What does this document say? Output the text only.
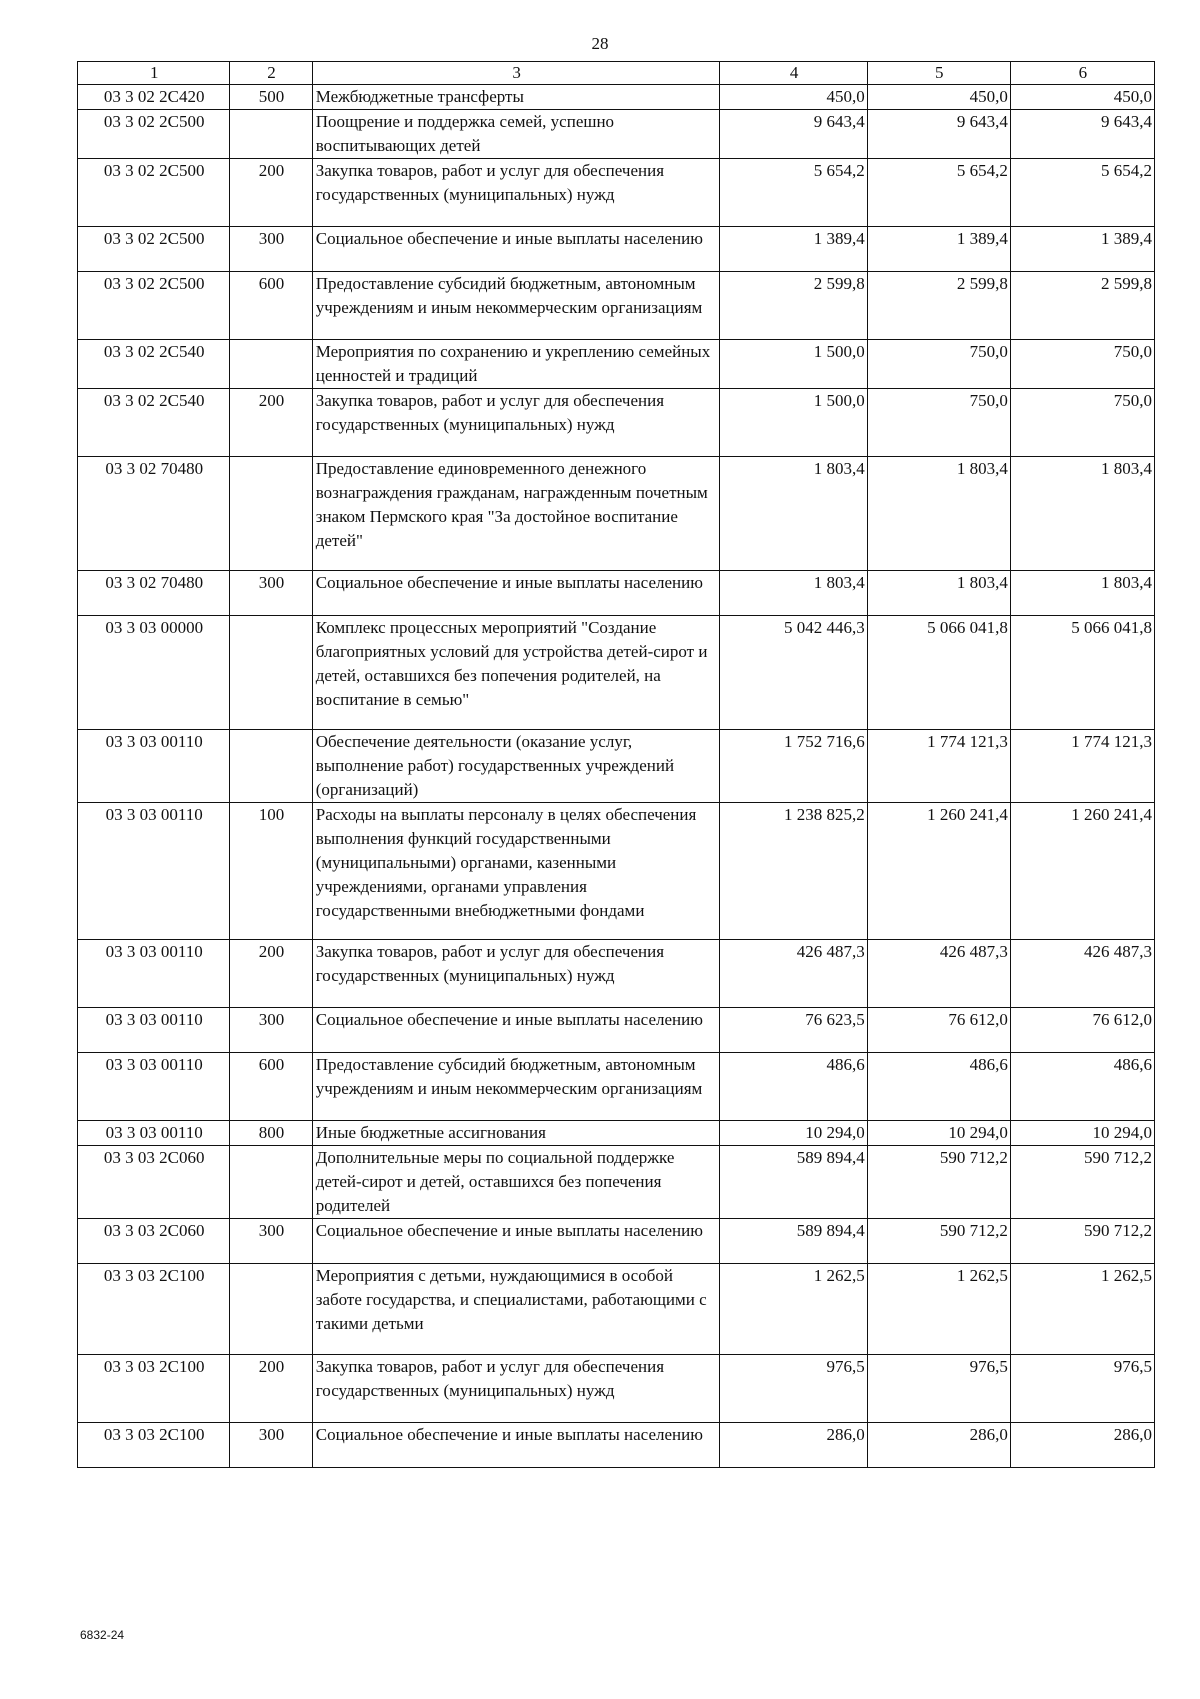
28
1	2	3	4	5	6
03 3 02 2С420	500	Межбюджетные трансферты	450,0	450,0	450,0
03 3 02 2С500		Поощрение и поддержка семей, успешно воспитывающих детей	9 643,4	9 643,4	9 643,4
03 3 02 2С500	200	Закупка товаров, работ и услуг для обеспечения государственных (муниципальных) нужд	5 654,2	5 654,2	5 654,2
03 3 02 2С500	300	Социальное обеспечение и иные выплаты населению	1 389,4	1 389,4	1 389,4
03 3 02 2С500	600	Предоставление субсидий бюджетным, автономным учреждениям и иным некоммерческим организациям	2 599,8	2 599,8	2 599,8
03 3 02 2С540		Мероприятия по сохранению и укреплению семейных ценностей и традиций	1 500,0	750,0	750,0
03 3 02 2С540	200	Закупка товаров, работ и услуг для обеспечения государственных (муниципальных) нужд	1 500,0	750,0	750,0
03 3 02 70480		Предоставление единовременного денежного вознаграждения гражданам, награжденным почетным знаком Пермского края "За достойное воспитание детей"	1 803,4	1 803,4	1 803,4
03 3 02 70480	300	Социальное обеспечение и иные выплаты населению	1 803,4	1 803,4	1 803,4
03 3 03 00000		Комплекс процессных мероприятий "Создание благоприятных условий для устройства детей-сирот и детей, оставшихся без попечения родителей, на воспитание в семью"	5 042 446,3	5 066 041,8	5 066 041,8
03 3 03 00110		Обеспечение деятельности (оказание услуг, выполнение работ) государственных учреждений (организаций)	1 752 716,6	1 774 121,3	1 774 121,3
03 3 03 00110	100	Расходы на выплаты персоналу в целях обеспечения выполнения функций государственными (муниципальными) органами, казенными учреждениями, органами управления государственными внебюджетными фондами	1 238 825,2	1 260 241,4	1 260 241,4
03 3 03 00110	200	Закупка товаров, работ и услуг для обеспечения государственных (муниципальных) нужд	426 487,3	426 487,3	426 487,3
03 3 03 00110	300	Социальное обеспечение и иные выплаты населению	76 623,5	76 612,0	76 612,0
03 3 03 00110	600	Предоставление субсидий бюджетным, автономным учреждениям и иным некоммерческим организациям	486,6	486,6	486,6
03 3 03 00110	800	Иные бюджетные ассигнования	10 294,0	10 294,0	10 294,0
03 3 03 2С060		Дополнительные меры по социальной поддержке детей-сирот и детей, оставшихся без попечения родителей	589 894,4	590 712,2	590 712,2
03 3 03 2С060	300	Социальное обеспечение и иные выплаты населению	589 894,4	590 712,2	590 712,2
03 3 03 2С100		Мероприятия с детьми, нуждающимися в особой заботе государства, и специалистами, работающими с такими детьми	1 262,5	1 262,5	1 262,5
03 3 03 2С100	200	Закупка товаров, работ и услуг для обеспечения государственных (муниципальных) нужд	976,5	976,5	976,5
03 3 03 2С100	300	Социальное обеспечение и иные выплаты населению	286,0	286,0	286,0
6832-24
